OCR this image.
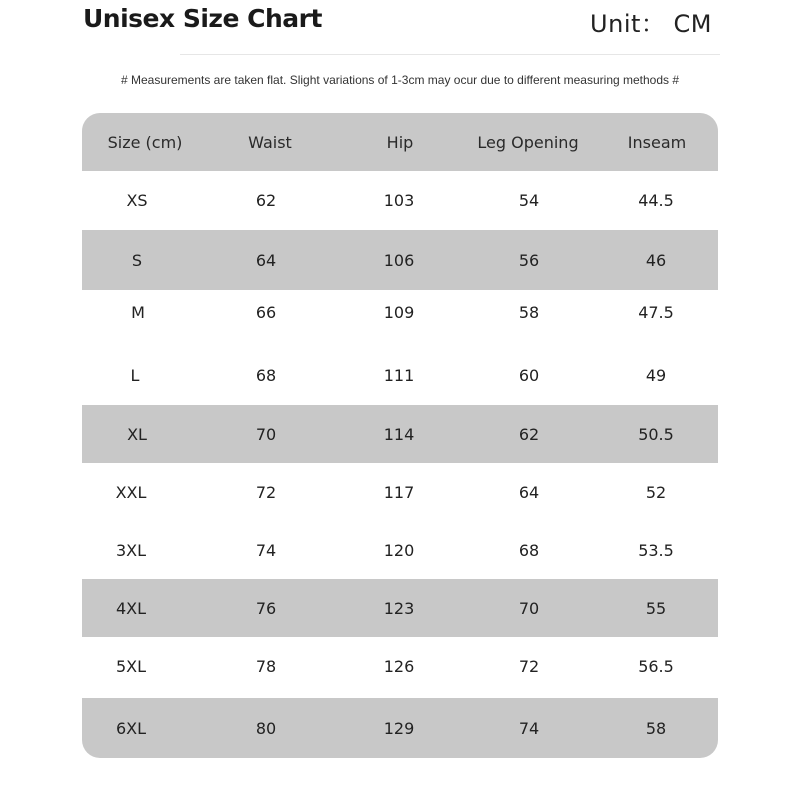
Unisex Size Chart	Unit： CM
# Measurements are taken flat. Slight variations of 1-3cm may ocur due to different measuring methods #
Size (cm)	Waist	Hip	Leg Opening	Inseam
XS	62	103	54	44.5
S	64	106	56	46
M	66	109	58	47.5
L	68	111	60	49
XL	70	114	62	50.5
XXL	72	117	64	52
3XL	74	120	68	53.5
4XL	76	123	70	55
5XL	78	126	72	56.5
6XL	80	129	74	58
